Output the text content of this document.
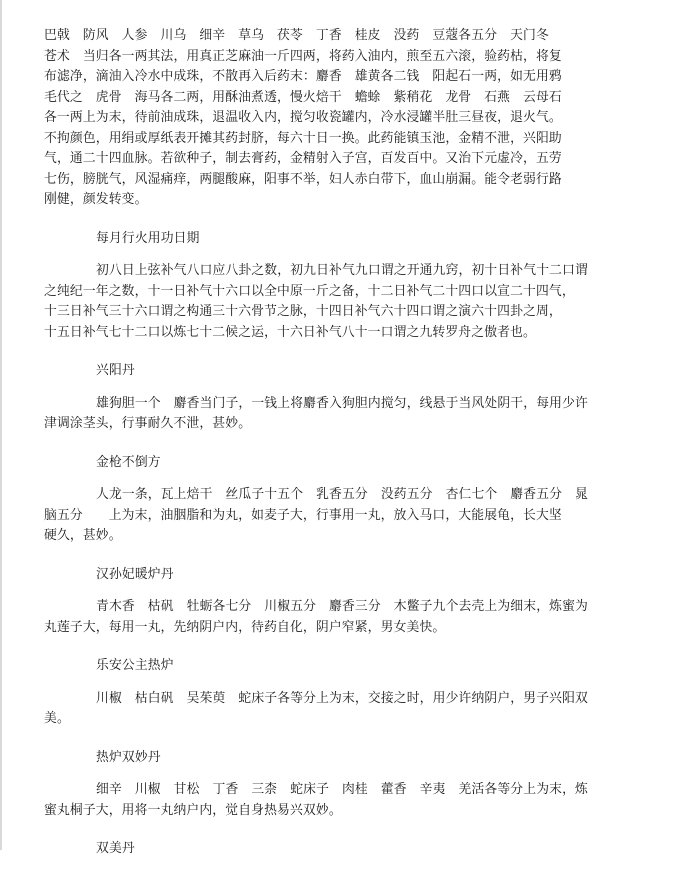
巴戟　防风　人参　川乌　细辛　草乌　茯苓　丁香　桂皮　没药　豆蔻各五分　天门冬
苍术　当归各一两其法，用真正芝麻油一斤四两，将药入油内，煎至五六滚，验药枯，将复
布滤净，滴油入冷水中成珠，不散再入后药末：麝香　雄黄各二钱　阳起石一两，如无用鸦
毛代之　虎骨　海马各二两，用酥油煮透，慢火焙干　蟾蜍　紫稍花　龙骨　石燕　云母石
各一两上为末，待前油成珠，退温收入内，搅匀收瓷罐内，冷水浸罐半肚三昼夜，退火气。
不拘颜色，用绢或厚纸表开摊其药封脐，每六十日一换。此药能镇玉池，金精不泄，兴阳助
气，通二十四血脉。若欲种子，制去膏药，金精射入子宫，百发百中。又治下元虚冷，五劳
七伤，膀胱气，风湿痛痒，两腿酸麻，阳事不举，妇人赤白带下，血山崩漏。能令老弱行路
刚健，颜发转变。
每月行火用功日期
初八日上弦补气八口应八卦之数，初九日补气九口谓之开通九窍，初十日补气十二口谓
之纯纪一年之数，十一日补气十六口以全中原一斤之备，十二日补气二十四口以宣二十四气，
十三日补气三十六口谓之构通三十六骨节之脉，十四日补气六十四口谓之演六十四卦之周，
十五日补气七十二口以炼七十二候之运，十六日补气八十一口谓之九转罗舟之傲者也。
兴阳丹
雄狗胆一个　麝香当门子，一钱上将麝香入狗胆内搅匀，线悬于当风处阴干，每用少许
津调涂茎头，行事耐久不泄，甚妙。
金枪不倒方
人龙一条，瓦上焙干　丝瓜子十五个　乳香五分　没药五分　杏仁七个　麝香五分　晁
脑五分　　上为末，油胭脂和为丸，如麦子大，行事用一丸，放入马口，大能展龟，长大坚
硬久，甚妙。
汉孙妃暖炉丹
青木香　枯矾　牡蛎各七分　川椒五分　麝香三分　木鳖子九个去壳上为细末，炼蜜为
丸莲子大，每用一丸，先纳阴户内，待药自化，阴户窄紧，男女美快。
乐安公主热炉
川椒　枯白矾　吴茱萸　蛇床子各等分上为末，交接之时，用少许纳阴户，男子兴阳双
美。
热炉双妙丹
细辛　川椒　甘松　丁香　三柰　蛇床子　肉桂　藿香　辛夷　羌活各等分上为末，炼
蜜丸桐子大，用将一丸纳户内，觉自身热易兴双妙。
双美丹
